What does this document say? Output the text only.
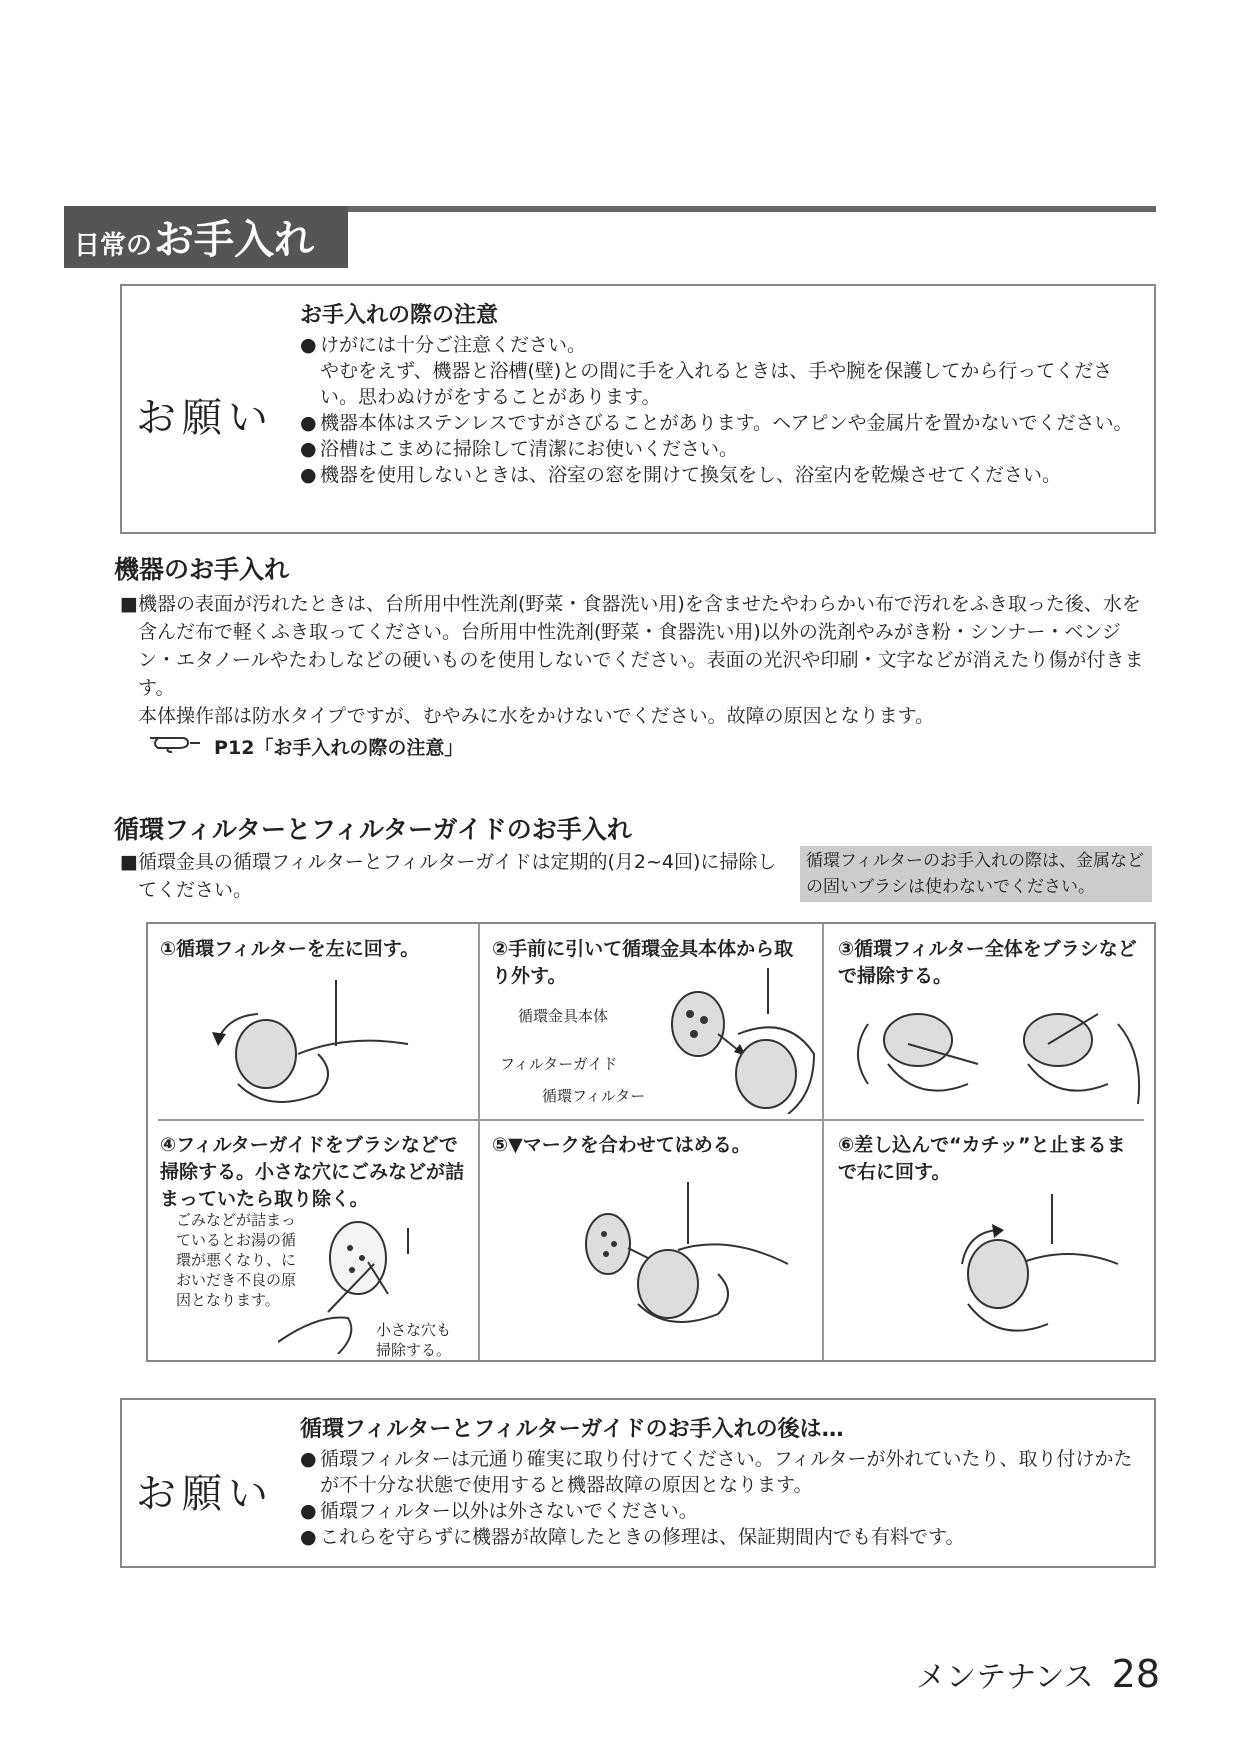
日常の お手入れ
お願い
お手入れの際の注意
● けがには十分ご注意ください。
やむをえず、機器と浴槽(壁)との間に手を入れるときは、手や腕を保護してから行ってください。思わぬけがをすることがあります。
● 機器本体はステンレスですがさびることがあります。ヘアピンや金属片を置かないでください。
● 浴槽はこまめに掃除して清潔にお使いください。
● 機器を使用しないときは、浴室の窓を開けて換気をし、浴室内を乾燥させてください。
機器のお手入れ
■ 機器の表面が汚れたときは、台所用中性洗剤(野菜・食器洗い用)を含ませたやわらかい布で汚れをふき取った後、水を含んだ布で軽くふき取ってください。台所用中性洗剤(野菜・食器洗い用)以外の洗剤やみがき粉・シンナー・ベンジン・エタノールやたわしなどの硬いものを使用しないでください。表面の光沢や印刷・文字などが消えたり傷が付きます。
本体操作部は防水タイプですが、むやみに水をかけないでください。故障の原因となります。
P12「お手入れの際の注意」
循環フィルターとフィルターガイドのお手入れ
■ 循環金具の循環フィルターとフィルターガイドは定期的(月2~4回)に掃除してください。
循環フィルターのお手入れの際は、金属などの固いブラシは使わないでください。
①循環フィルターを左に回す。	②手前に引いて循環金具本体から取り外す。
③循環フィルター全体をブラシなどで掃除する。
④フィルターガイドをブラシなどで掃除する。小さな穴にごみなどが詰まっていたら取り除く。
⑤▼マークを合わせてはめる。	⑥差し込んで“カチッ”と止まるまで右に回す。
循環金具本体
フィルターガイド
循環フィルター
ごみなどが詰まっているとお湯の循環が悪くなり、においだき不良の原因となります。
小さな穴も掃除する。
お願い
循環フィルターとフィルターガイドのお手入れの後は…
● 循環フィルターは元通り確実に取り付けてください。フィルターが外れていたり、取り付けかたが不十分な状態で使用すると機器故障の原因となります。
● 循環フィルター以外は外さないでください。
● これらを守らずに機器が故障したときの修理は、保証期間内でも有料です。
メンテナンス 28
